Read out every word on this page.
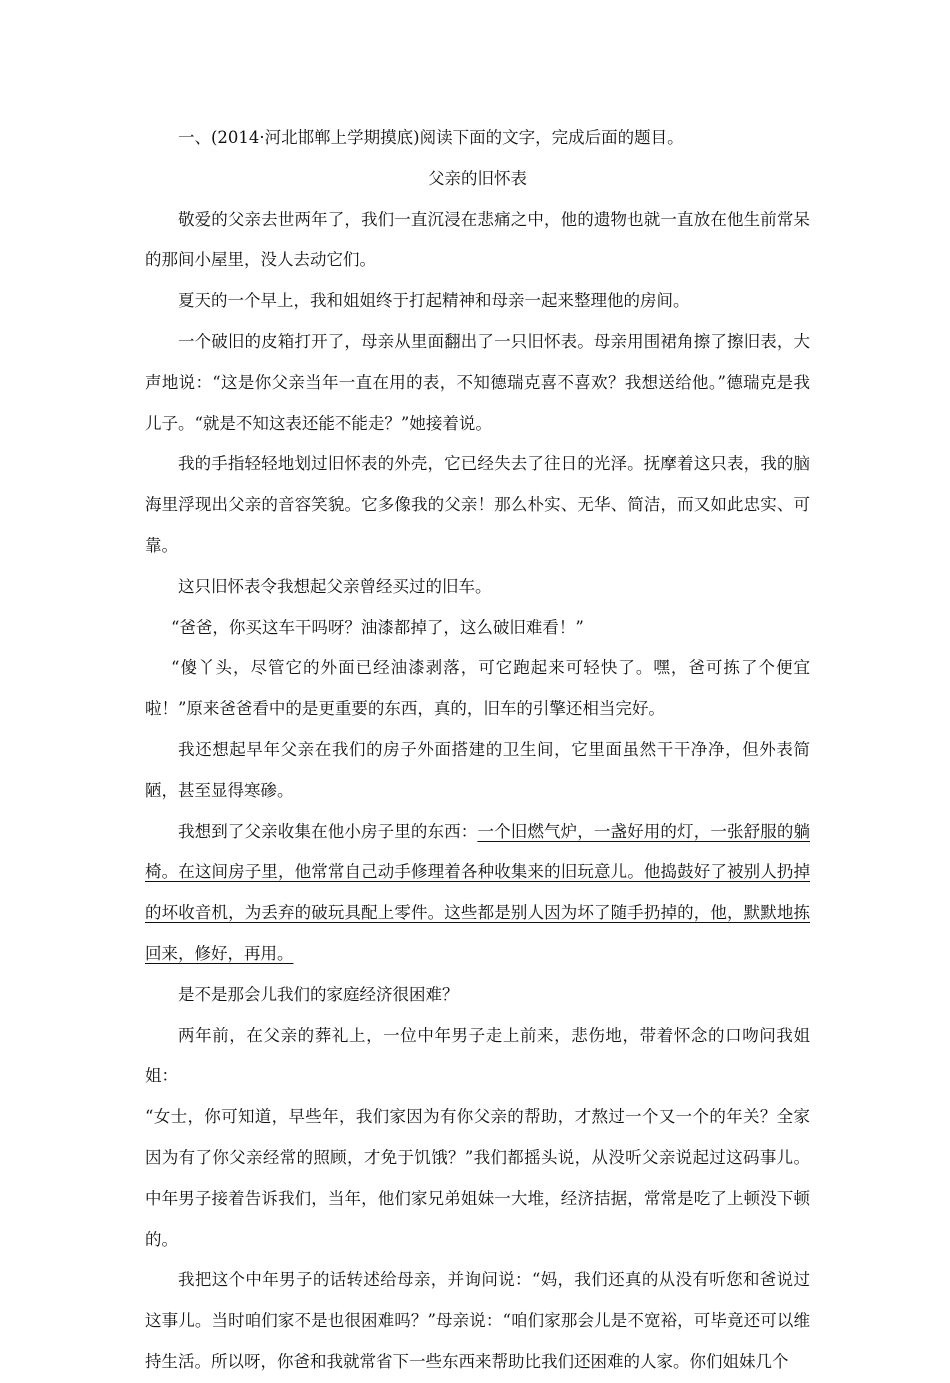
一、(2014·河北邯郸上学期摸底)阅读下面的文字，完成后面的题目。

父亲的旧怀表

敬爱的父亲去世两年了，我们一直沉浸在悲痛之中，他的遗物也就一直放在他生前常呆的那间小屋里，没人去动它们。

夏天的一个早上，我和姐姐终于打起精神和母亲一起来整理他的房间。

一个破旧的皮箱打开了，母亲从里面翻出了一只旧怀表。母亲用围裙角擦了擦旧表，大声地说：“这是你父亲当年一直在用的表，不知德瑞克喜不喜欢？我想送给他。”德瑞克是我儿子。“就是不知这表还能不能走？”她接着说。

我的手指轻轻地划过旧怀表的外壳，它已经失去了往日的光泽。抚摩着这只表，我的脑海里浮现出父亲的音容笑貌。它多像我的父亲！那么朴实、无华、简洁，而又如此忠实、可靠。

这只旧怀表令我想起父亲曾经买过的旧车。

“爸爸，你买这车干吗呀？油漆都掉了，这么破旧难看！”

“傻丫头，尽管它的外面已经油漆剥落，可它跑起来可轻快了。嘿，爸可拣了个便宜啦！”原来爸爸看中的是更重要的东西，真的，旧车的引擎还相当完好。

我还想起早年父亲在我们的房子外面搭建的卫生间，它里面虽然干干净净，但外表简陋，甚至显得寒碜。

我想到了父亲收集在他小房子里的东西：一个旧燃气炉，一盏好用的灯，一张舒服的躺椅。在这间房子里，他常常自己动手修理着各种收集来的旧玩意儿。他捣鼓好了被别人扔掉的坏收音机，为丢弃的破玩具配上零件。这些都是别人因为坏了随手扔掉的，他，默默地拣回来，修好，再用。

是不是那会儿我们的家庭经济很困难？

两年前，在父亲的葬礼上，一位中年男子走上前来，悲伤地，带着怀念的口吻问我姐姐：

“女士，你可知道，早些年，我们家因为有你父亲的帮助，才熬过一个又一个的年关？全家因为有了你父亲经常的照顾，才免于饥饿？”我们都摇头说，从没听父亲说起过这码事儿。中年男子接着告诉我们，当年，他们家兄弟姐妹一大堆，经济拮据，常常是吃了上顿没下顿的。

我把这个中年男子的话转述给母亲，并询问说：“妈，我们还真的从没有听您和爸说过这事儿。当时咱们家不是也很困难吗？”母亲说：“咱们家那会儿是不宽裕，可毕竟还可以维持生活。所以呀，你爸和我就常省下一些东西来帮助比我们还困难的人家。你们姐妹几个
